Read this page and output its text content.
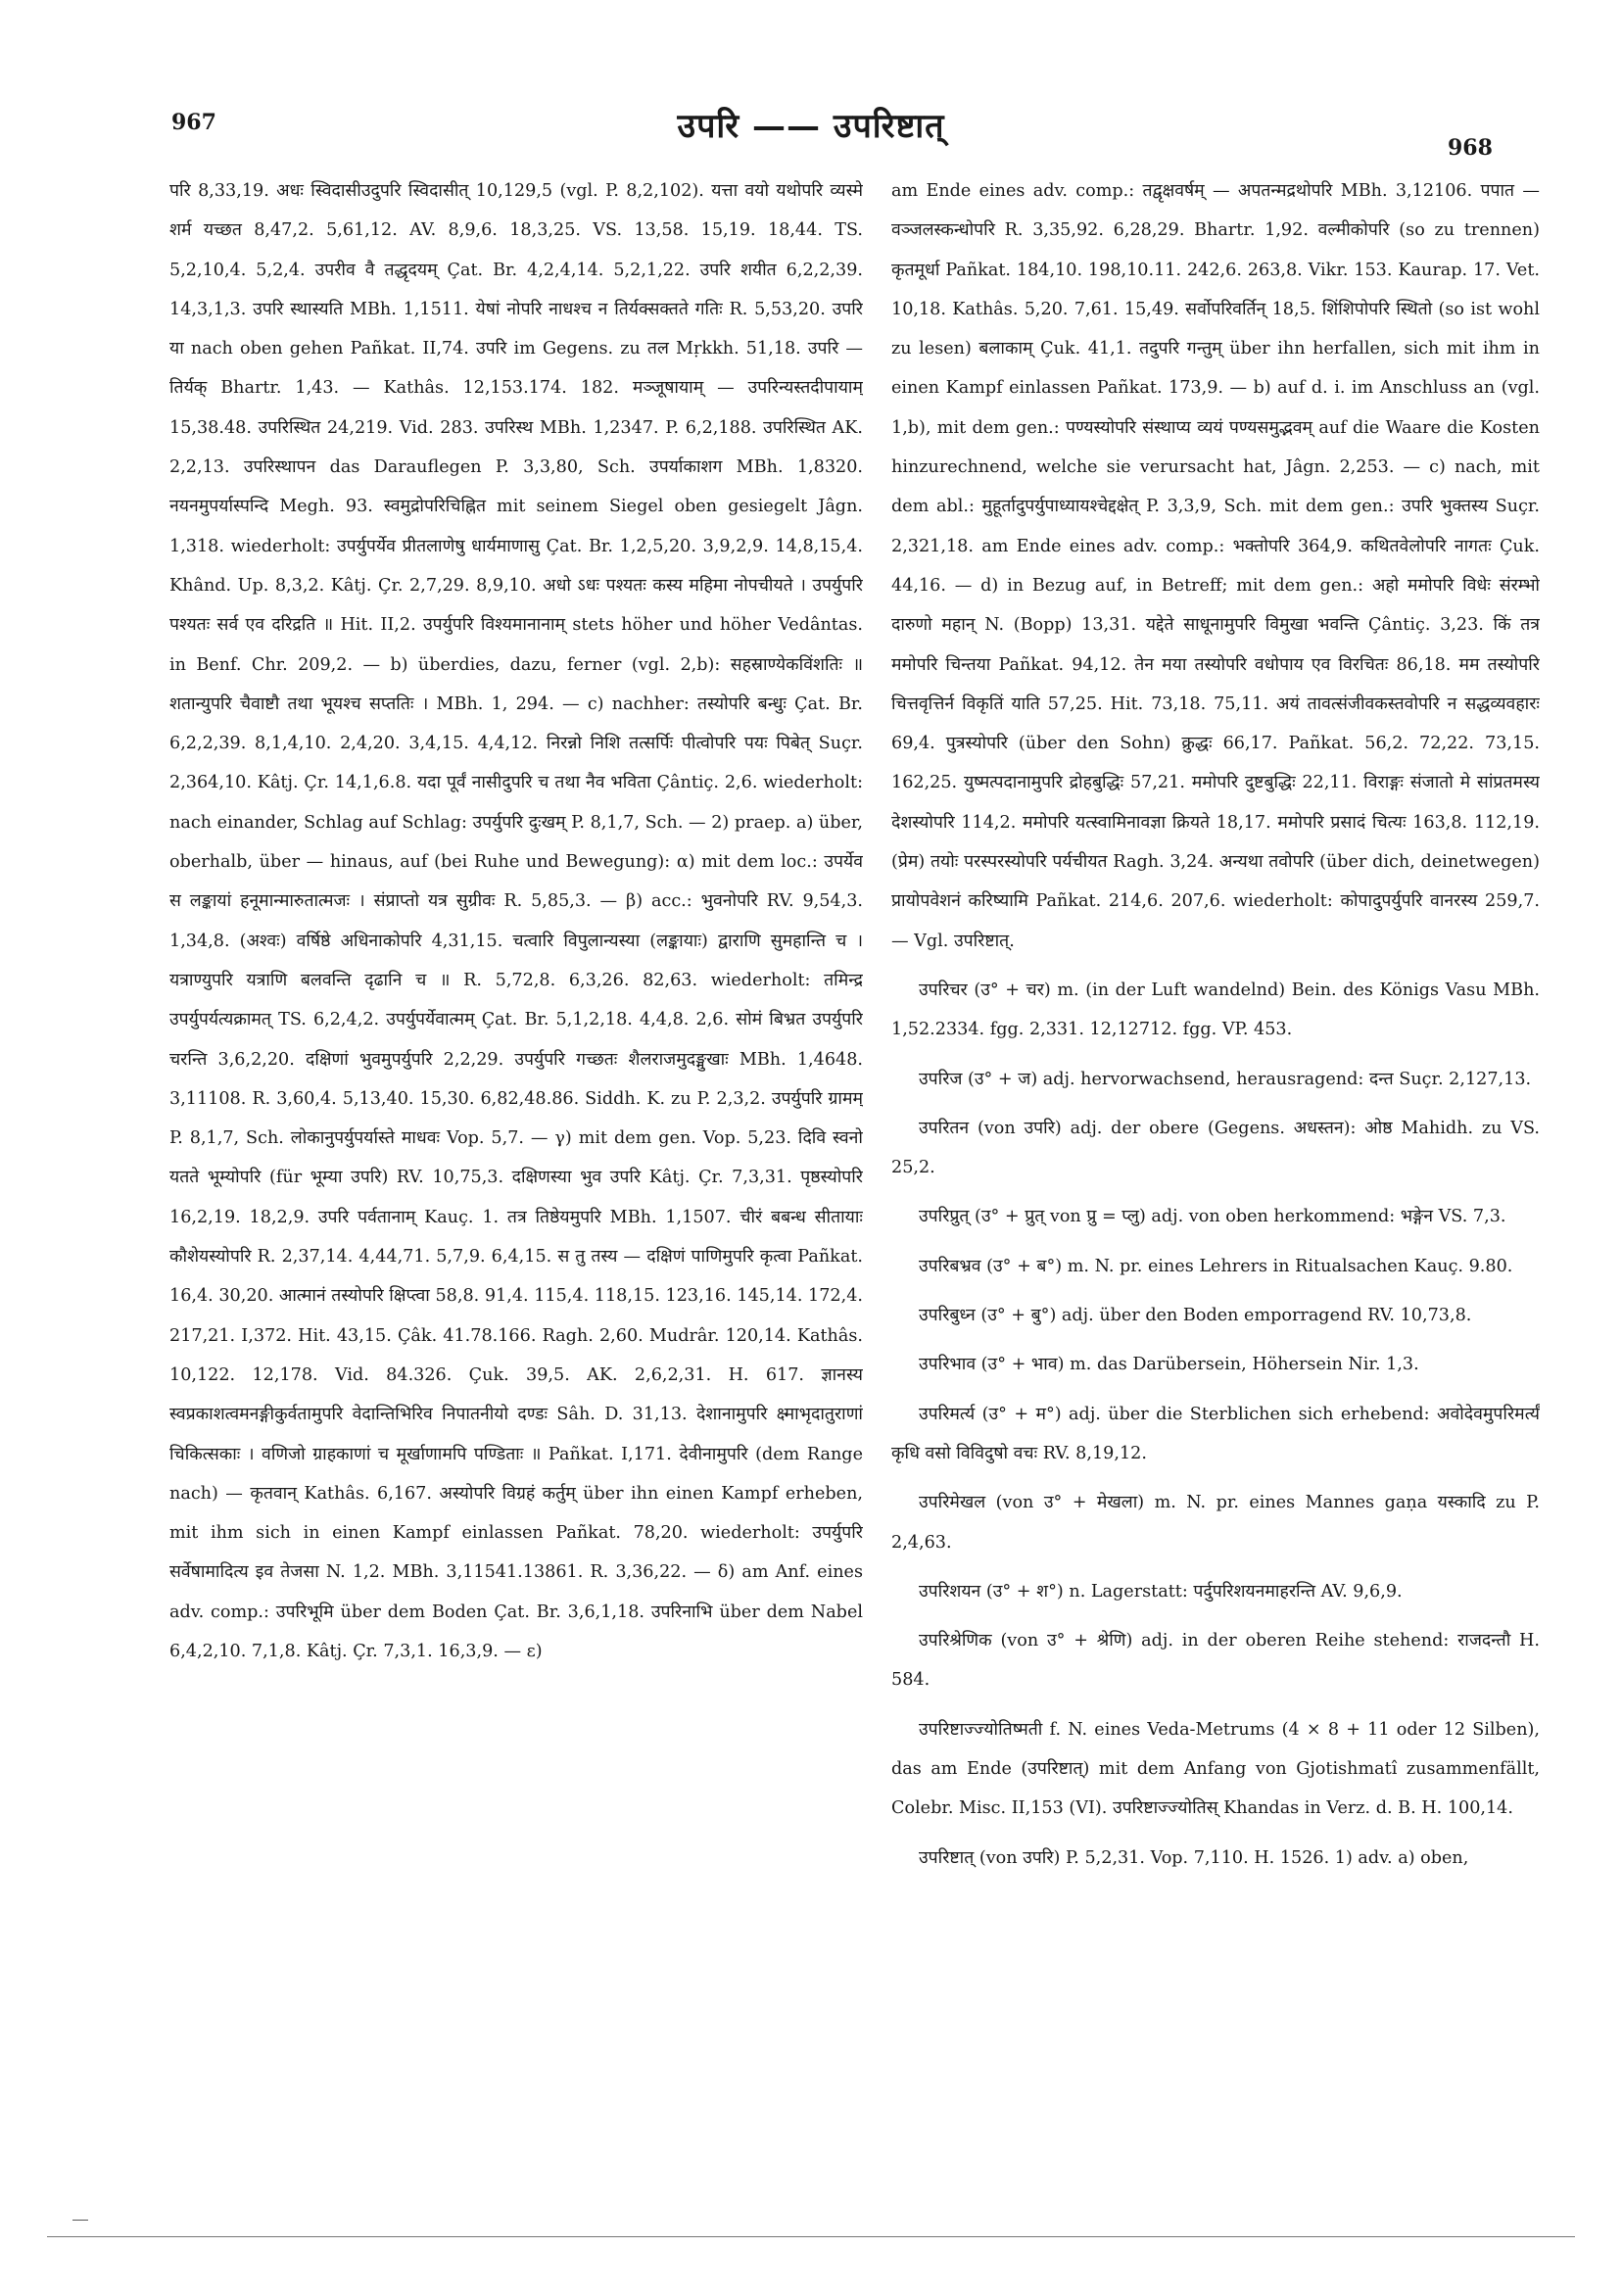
967	उपरि —— उपरिष्टात्
968

परि 8,33,19. अधः स्विदासीउदुपरि स्विदासीत् 10,129,5 (vgl. P. 8,2,102). यत्ता वयो यथोपरि व्यस्मे शर्म यच्छत 8,47,2. 5,61,12. AV. 8,9,6. 18,3,25. VS. 13,58. 15,19. 18,44. TS. 5,2,10,4. 5,2,4. उपरीव वै तद्धृदयम् Çat. Br. 4,2,4,14. 5,2,1,22. उपरि शयीत 6,2,2,39. 14,3,1,3. उपरि स्थास्यति MBh. 1,1511. येषां नोपरि नाधश्च न तिर्यक्सक्तते गतिः R. 5,53,20. उपरि या nach oben gehen Pañkat. II,74. उपरि im Gegens. zu तल Mṛkkh. 51,18. उपरि — तिर्यक् Bhartr. 1,43. — Kathâs. 12,153.174. 182. मञ्जूषायाम् — उपरिन्यस्तदीपायाम् 15,38.48. उपरिस्थित 24,219. Vid. 283. उपरिस्थ MBh. 1,2347. P. 6,2,188. उपरिस्थित AK. 2,2,13. उपरिस्थापन das Darauflegen P. 3,3,80, Sch. उपर्याकाशग MBh. 1,8320. नयनमुपर्यास्पन्दि Megh. 93. स्वमुद्रोपरिचिह्नित mit seinem Siegel oben gesiegelt Jâgn. 1,318. wiederholt: उपर्युपर्येव प्रीतलाणेषु धार्यमाणासु Çat. Br. 1,2,5,20. 3,9,2,9. 14,8,15,4. Khând. Up. 8,3,2. Kâtj. Çr. 2,7,29. 8,9,10. अधो ऽधः पश्यतः कस्य महिमा नोपचीयते । उपर्युपरि पश्यतः सर्व एव दरिद्रति ॥ Hit. II,2. उपर्युपरि विश्यमानानाम् stets höher und höher Vedântas. in Benf. Chr. 209,2. — b) überdies, dazu, ferner (vgl. 2,b): सहस्राण्येकविंशतिः ॥ शतान्युपरि चैवाष्टौ तथा भूयश्च सप्ततिः । MBh. 1, 294. — c) nachher: तस्योपरि बन्धुः Çat. Br. 6,2,2,39. 8,1,4,10. 2,4,20. 3,4,15. 4,4,12. निरन्नो निशि तत्सर्पिः पीत्वोपरि पयः पिबेत् Suçr. 2,364,10. Kâtj. Çr. 14,1,6.8. यदा पूर्वं नासीदुपरि च तथा नैव भविता Çântiç. 2,6. wiederholt: nach einander, Schlag auf Schlag: उपर्युपरि दुःखम् P. 8,1,7, Sch. — 2) praep. a) über, oberhalb, über — hinaus, auf (bei Ruhe und Bewegung): α) mit dem loc.: उपर्येव स लङ्कायां हनूमान्मारुतात्मजः । संप्राप्तो यत्र सुग्रीवः R. 5,85,3. — β) acc.: भुवनोपरि RV. 9,54,3. 1,34,8. (अश्वः) वर्षिष्ठे अधिनाकोपरि 4,31,15. चत्वारि विपुलान्यस्या (लङ्कायाः) द्वाराणि सुमहान्ति च । यत्राण्युपरि यत्राणि बलवन्ति दृढानि च ॥ R. 5,72,8. 6,3,26. 82,63. wiederholt: तमिन्द्र उपर्युपर्यत्यक्रामत् TS. 6,2,4,2. उपर्युपर्येवात्मम् Çat. Br. 5,1,2,18. 4,4,8. 2,6. सोमं बिभ्रत उपर्युपरि चरन्ति 3,6,2,20. दक्षिणां भुवमुपर्युपरि 2,2,29. उपर्युपरि गच्छतः शैलराजमुदङ्मुखाः MBh. 1,4648. 3,11108. R. 3,60,4. 5,13,40. 15,30. 6,82,48.86. Siddh. K. zu P. 2,3,2. उपर्युपरि ग्रामम् P. 8,1,7, Sch. लोकानुपर्युपर्यास्ते माधवः Vop. 5,7. — γ) mit dem gen. Vop. 5,23. दिवि स्वनो यतते भूम्योपरि (für भूम्या उपरि) RV. 10,75,3. दक्षिणस्या भुव उपरि Kâtj. Çr. 7,3,31. पृष्ठस्योपरि 16,2,19. 18,2,9. उपरि पर्वतानाम् Kauç. 1. तत्र तिष्ठेयमुपरि MBh. 1,1507. चीरं बबन्ध सीतायाः कौशेयस्योपरि R. 2,37,14. 4,44,71. 5,7,9. 6,4,15. स तु तस्य — दक्षिणं पाणिमुपरि कृत्वा Pañkat. 16,4. 30,20. आत्मानं तस्योपरि क्षिप्त्वा 58,8. 91,4. 115,4. 118,15. 123,16. 145,14. 172,4. 217,21. I,372. Hit. 43,15. Çâk. 41.78.166. Ragh. 2,60. Mudrâr. 120,14. Kathâs. 10,122. 12,178. Vid. 84.326. Çuk. 39,5. AK. 2,6,2,31. H. 617. ज्ञानस्य स्वप्रकाशत्वमनङ्गीकुर्वतामुपरि वेदान्तिभिरिव निपातनीयो दण्डः Sâh. D. 31,13. देशानामुपरि क्ष्माभृदातुराणां चिकित्सकाः । वणिजो ग्राहकाणां च मूर्खाणामपि पण्डिताः ॥ Pañkat. I,171. देवीनामुपरि (dem Range nach) — कृतवान् Kathâs. 6,167. अस्योपरि विग्रहं कर्तुम् über ihn einen Kampf erheben, mit ihm sich in einen Kampf einlassen Pañkat. 78,20. wiederholt: उपर्युपरि सर्वेषामादित्य इव तेजसा N. 1,2. MBh. 3,11541.13861. R. 3,36,22. — δ) am Anf. eines adv. comp.: उपरिभूमि über dem Boden Çat. Br. 3,6,1,18. उपरिनाभि über dem Nabel 6,4,2,10. 7,1,8. Kâtj. Çr. 7,3,1. 16,3,9. — ε)

am Ende eines adv. comp.: तद्वृक्षवर्षम् — अपतन्मद्रथोपरि MBh. 3,12106. पपात — वञ्जलस्कन्धोपरि R. 3,35,92. 6,28,29. Bhartr. 1,92. वल्मीकोपरि (so zu trennen) कृतमूर्धा Pañkat. 184,10. 198,10.11. 242,6. 263,8. Vikr. 153. Kaurap. 17. Vet. 10,18. Kathâs. 5,20. 7,61. 15,49. सर्वोपरिवर्तिन् 18,5. शिंशिपोपरि स्थितो (so ist wohl zu lesen) बलाकाम् Çuk. 41,1. तदुपरि गन्तुम् über ihn herfallen, sich mit ihm in einen Kampf einlassen Pañkat. 173,9. — b) auf d. i. im Anschluss an (vgl. 1,b), mit dem gen.: पण्यस्योपरि संस्थाप्य व्ययं पण्यसमुद्भवम् auf die Waare die Kosten hinzurechnend, welche sie verursacht hat, Jâgn. 2,253. — c) nach, mit dem abl.: मुहूर्तादुपर्युपाध्यायश्चेद्दक्षेत् P. 3,3,9, Sch. mit dem gen.: उपरि भुक्तस्य Suçr. 2,321,18. am Ende eines adv. comp.: भक्तोपरि 364,9. कथितवेलोपरि नागतः Çuk. 44,16. — d) in Bezug auf, in Betreff; mit dem gen.: अहो ममोपरि विधेः संरम्भो दारुणो महान् N. (Bopp) 13,31. यद्देते साधूनामुपरि विमुखा भवन्ति Çântiç. 3,23. किं तत्र ममोपरि चिन्तया Pañkat. 94,12. तेन मया तस्योपरि वधोपाय एव विरचितः 86,18. मम तस्योपरि चित्तवृत्तिर्न विकृतिं याति 57,25. Hit. 73,18. 75,11. अयं तावत्संजीवकस्तवोपरि न सद्धव्यवहारः 69,4. पुत्रस्योपरि (über den Sohn) क्रुद्धः 66,17. Pañkat. 56,2. 72,22. 73,15. 162,25. युष्मत्पदानामुपरि द्रोहबुद्धिः 57,21. ममोपरि दुष्टबुद्धिः 22,11. विराङ्गः संजातो मे सांप्रतमस्य देशस्योपरि 114,2. ममोपरि यत्स्वामिनावज्ञा क्रियते 18,17. ममोपरि प्रसादं चित्यः 163,8. 112,19. (प्रेम) तयोः परस्परस्योपरि पर्यचीयत Ragh. 3,24. अन्यथा तवोपरि (über dich, deinetwegen) प्रायोपवेशनं करिष्यामि Pañkat. 214,6. 207,6. wiederholt: कोपादुपर्युपरि वानरस्य 259,7. — Vgl. उपरिष्टात्.

उपरिचर (उ° + चर) m. (in der Luft wandelnd) Bein. des Königs Vasu MBh. 1,52.2334. fgg. 2,331. 12,12712. fgg. VP. 453.

उपरिज (उ° + ज) adj. hervorwachsend, herausragend: दन्त Suçr. 2,127,13.

उपरितन (von उपरि) adj. der obere (Gegens. अधस्तन): ओष्ठ Mahidh. zu VS. 25,2.

उपरिप्रुत् (उ° + प्रुत् von प्रु = प्लु) adj. von oben herkommend: भङ्गेन VS. 7,3.

उपरिबभ्रव (उ° + ब°) m. N. pr. eines Lehrers in Ritualsachen Kauç. 9.80.

उपरिबुध्न (उ° + बु°) adj. über den Boden emporragend RV. 10,73,8.

उपरिभाव (उ° + भाव) m. das Darübersein, Höhersein Nir. 1,3.

उपरिमर्त्य (उ° + म°) adj. über die Sterblichen sich erhebend: अवोदेवमुपरिमर्त्यं कृधि वसो विविदुषो वचः RV. 8,19,12.

उपरिमेखल (von उ° + मेखला) m. N. pr. eines Mannes gaṇa यस्कादि zu P. 2,4,63.

उपरिशयन (उ° + श°) n. Lagerstatt: पर्दुपरिशयनमाहरन्ति AV. 9,6,9.

उपरिश्रेणिक (von उ° + श्रेणि) adj. in der oberen Reihe stehend: राजदन्तौ H. 584.

उपरिष्टाज्ज्योतिष्मती f. N. eines Veda-Metrums (4 × 8 + 11 oder 12 Silben), das am Ende (उपरिष्टात्) mit dem Anfang von Gjotishmatî zusammenfällt, Colebr. Misc. II,153 (VI). उपरिष्टाज्ज्योतिस् Khandas in Verz. d. B. H. 100,14.

उपरिष्टात् (von उपरि) P. 5,2,31. Vop. 7,110. H. 1526. 1) adv. a) oben,
